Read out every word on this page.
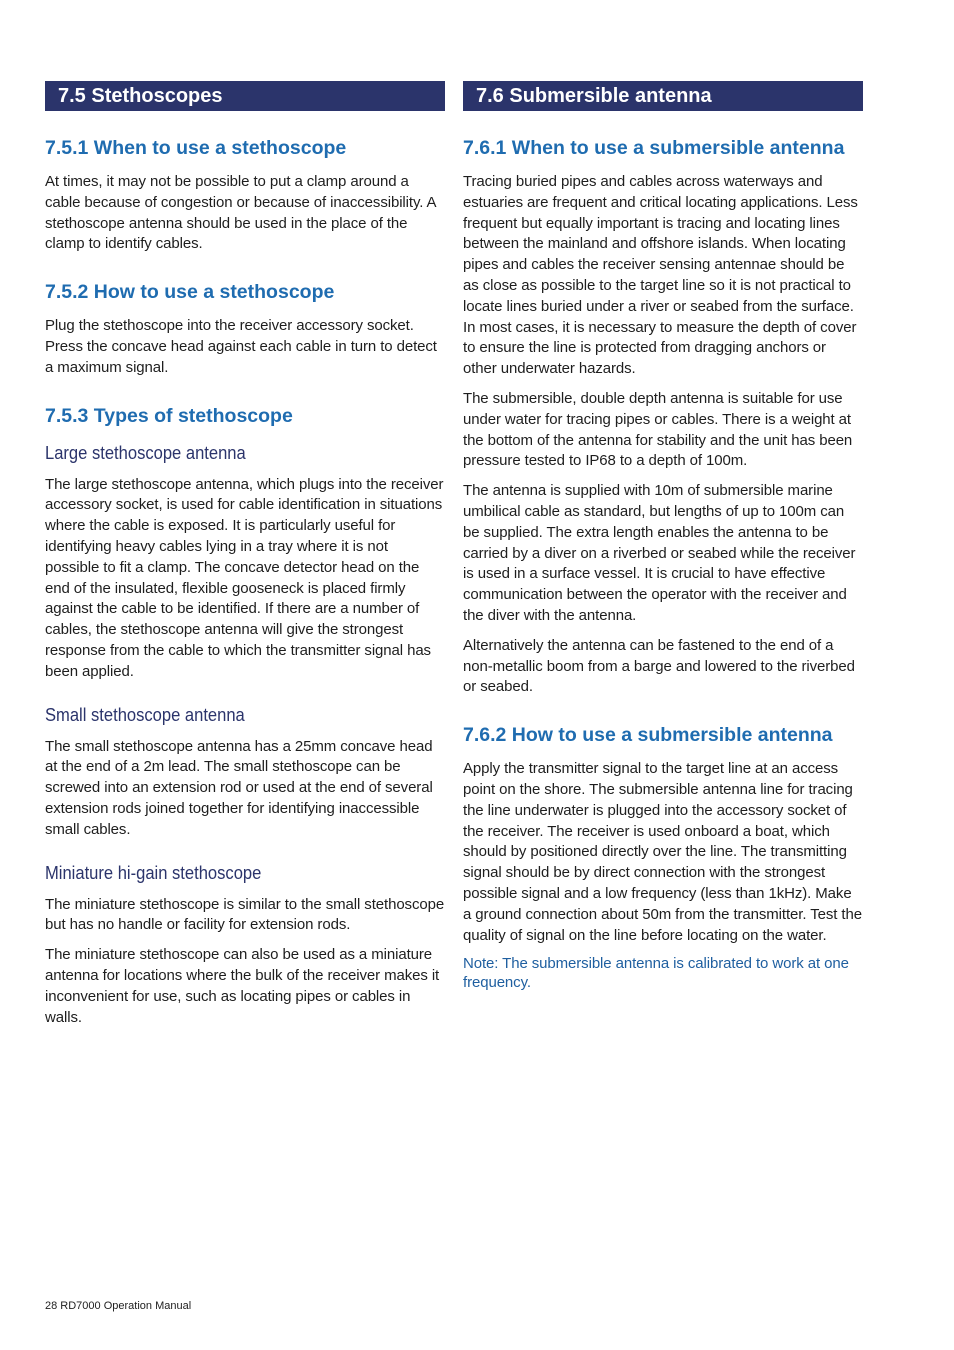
7.5 Stethoscopes
7.5.1 When to use a stethoscope

At times, it may not be possible to put a clamp around a cable because of congestion or because of inaccessibility. A stethoscope antenna should be used in the place of the clamp to identify cables.

7.5.2 How to use a stethoscope

Plug the stethoscope into the receiver accessory socket. Press the concave head against each cable in turn to detect a maximum signal.

7.5.3 Types of stethoscope
Large stethoscope antenna

The large stethoscope antenna, which plugs into the receiver accessory socket, is used for cable identification in situations where the cable is exposed. It is particularly useful for identifying heavy cables lying in a tray where it is not possible to fit a clamp. The concave detector head on the end of the insulated, flexible gooseneck is placed firmly against the cable to be identified. If there are a number of cables, the stethoscope antenna will give the strongest response from the cable to which the transmitter signal has been applied.

Small stethoscope antenna

The small stethoscope antenna has a 25mm concave head at the end of a 2m lead. The small stethoscope can be screwed into an extension rod or used at the end of several extension rods joined together for identifying inaccessible small cables.

Miniature hi-gain stethoscope

The miniature stethoscope is similar to the small stethoscope but has no handle or facility for extension rods.

The miniature stethoscope can also be used as a miniature antenna for locations where the bulk of the receiver makes it inconvenient for use, such as locating pipes or cables in walls.

7.6 Submersible antenna
7.6.1 When to use a submersible antenna

Tracing buried pipes and cables across waterways and estuaries are frequent and critical locating applications. Less frequent but equally important is tracing and locating lines between the mainland and offshore islands. When locating pipes and cables the receiver sensing antennae should be as close as possible to the target line so it is not practical to locate lines buried under a river or seabed from the surface. In most cases, it is necessary to measure the depth of cover to ensure the line is protected from dragging anchors or other underwater hazards.

The submersible, double depth antenna is suitable for use under water for tracing pipes or cables. There is a weight at the bottom of the antenna for stability and the unit has been pressure tested to IP68 to a depth of 100m.

The antenna is supplied with 10m of submersible marine umbilical cable as standard, but lengths of up to 100m can be supplied. The extra length enables the antenna to be carried by a diver on a riverbed or seabed while the receiver is used in a surface vessel. It is crucial to have effective communication between the operator with the receiver and the diver with the antenna.

Alternatively the antenna can be fastened to the end of a non-metallic boom from a barge and lowered to the riverbed or seabed.

7.6.2 How to use a submersible antenna

Apply the transmitter signal to the target line at an access point on the shore. The submersible antenna line for tracing the line underwater is plugged into the accessory socket of the receiver. The receiver is used onboard a boat, which should by positioned directly over the line. The transmitting signal should be by direct connection with the strongest possible signal and a low frequency (less than 1kHz). Make a ground connection about 50m from the transmitter. Test the quality of signal on the line before locating on the water.

Note: The submersible antenna is calibrated to work at one frequency.

28 RD7000 Operation Manual
